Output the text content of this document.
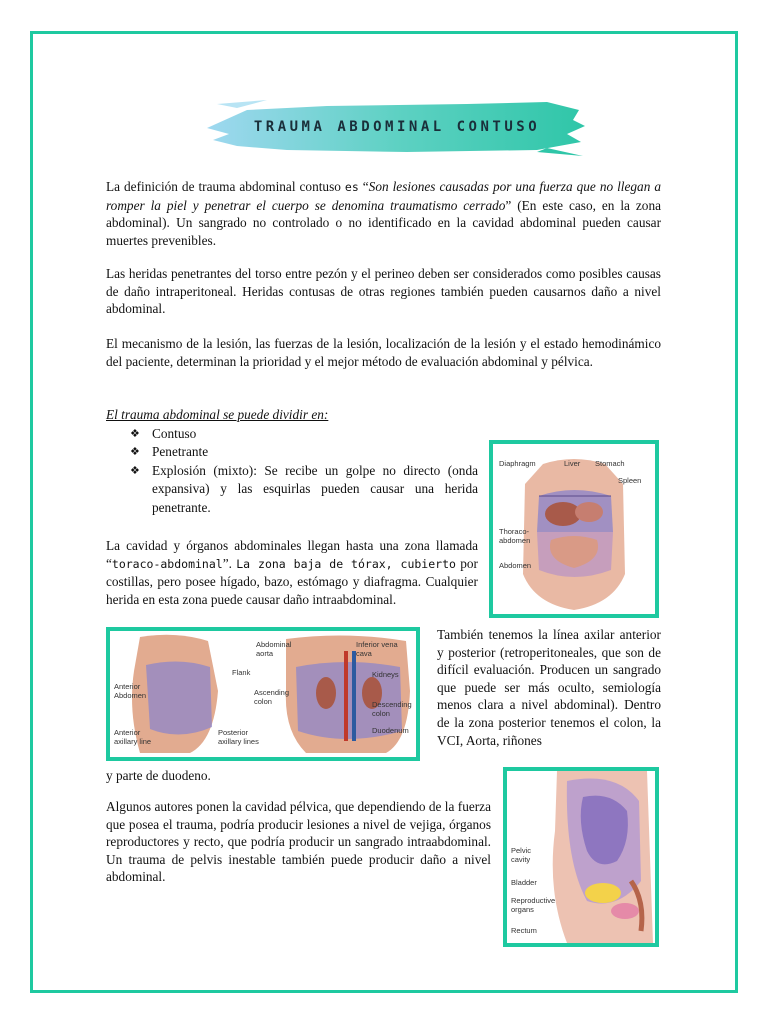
TRAUMA ABDOMINAL CONTUSO

La definición de trauma abdominal contuso es “Son lesiones causadas por una fuerza que no llegan a romper la piel y penetrar el cuerpo se denomina traumatismo cerrado” (En este caso, en la zona abdominal). Un sangrado no controlado o no identificado en la cavidad abdominal pueden causar muertes prevenibles.

Las heridas penetrantes del torso entre pezón y el perineo deben ser considerados como posibles causas de daño intraperitoneal. Heridas contusas de otras regiones también pueden causarnos daño a nivel abdominal.

El mecanismo de la lesión, las fuerzas de la lesión, localización de la lesión y el estado hemodinámico del paciente, determinan la prioridad y el mejor método de evaluación abdominal y pélvica.

El trauma abdominal se puede dividir en:
❖ Contuso
❖ Penetrante
❖ Explosión (mixto): Se recibe un golpe no directo (onda expansiva) y las esquirlas pueden causar una herida penetrante.

La cavidad y órganos abdominales llegan hasta una zona llamada “toraco-abdominal”. La zona baja de tórax, cubierto por costillas, pero posee hígado, bazo, estómago y diafragma. Cualquier herida en esta zona puede causar daño intraabdominal.

Diaphragm	Liver Stomach
Spleen
Thoraco-
abdomen
Abdomen
Abdominal
aorta
Inferior vena
cava
Flank
Anterior
Abdomen
Kidneys
Ascending
colon	Descending
colon
Duodenum
Anterior
axillary line
Posterior
axillary lines

También tenemos la línea axilar anterior y posterior (retroperitoneales, que son de difícil evaluación. Producen un sangrado que puede ser más oculto, semiología menos clara a nivel abdominal). Dentro de la zona posterior tenemos el colon, la VCI, Aorta, riñones

y parte de duodeno.

Algunos autores ponen la cavidad pélvica, que dependiendo de la fuerza que posea el trauma, podría producir lesiones a nivel de vejiga, órganos reproductores y recto, que podría producir un sangrado intraabdominal. Un trauma de pelvis inestable también puede producir daño a nivel abdominal.

Pelvic
cavity
Bladder
Reproductive
organs
Rectum
